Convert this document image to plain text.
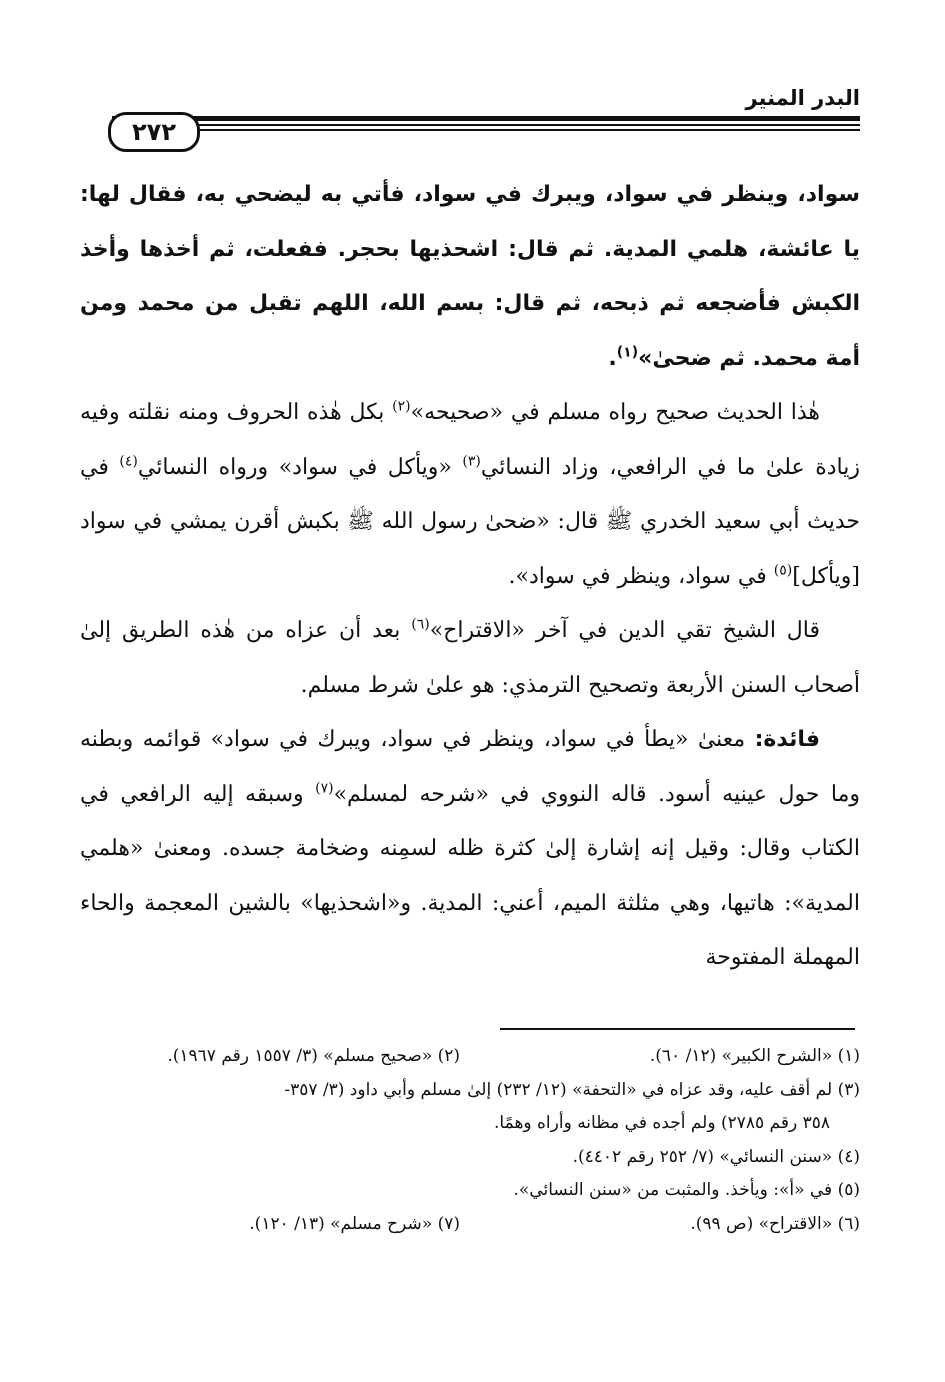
البدر المنير
٢٧٢

سواد، وينظر في سواد، ويبرك في سواد، فأتي به ليضحي به، فقال لها: يا عائشة، هلمي المدية. ثم قال: اشحذيها بحجر. ففعلت، ثم أخذها وأخذ الكبش فأضجعه ثم ذبحه، ثم قال: بسم الله، اللهم تقبل من محمد ومن أمة محمد. ثم ضحىٰ»$^{(١)}$.

هٰذا الحديث صحيح رواه مسلم في «صحيحه»$^{(٢)}$ بكل هٰذه الحروف ومنه نقلته وفيه زيادة علىٰ ما في الرافعي، وزاد النسائي$^{(٣)}$ «ويأكل في سواد» ورواه النسائي$^{(٤)}$ في حديث أبي سعيد الخدري ﷺ قال: «ضحىٰ رسول الله ﷺ بكبش أقرن يمشي في سواد [ويأكل]$^{(٥)}$ في سواد، وينظر في سواد».

قال الشيخ تقي الدين في آخر «الاقتراح»$^{(٦)}$ بعد أن عزاه من هٰذه الطريق إلىٰ أصحاب السنن الأربعة وتصحيح الترمذي: هو علىٰ شرط مسلم.

فائدة: معنىٰ «يطأ في سواد، وينظر في سواد، ويبرك في سواد» قوائمه وبطنه وما حول عينيه أسود. قاله النووي في «شرحه لمسلم»$^{(٧)}$ وسبقه إليه الرافعي في الكتاب وقال: وقيل إنه إشارة إلىٰ كثرة ظله لسمِنه وضخامة جسده. ومعنىٰ «هلمي المدية»: هاتيها، وهي مثلثة الميم، أعني: المدية. و«اشحذيها» بالشين المعجمة والحاء المهملة المفتوحة

(١) «الشرح الكبير» (١٢/ ٦٠).
(٢) «صحيح مسلم» (٣/ ١٥٥٧ رقم ١٩٦٧).
(٣) لم أقف عليه، وقد عزاه في «التحفة» (١٢/ ٢٣٢) إلىٰ مسلم وأبي داود (٣/ ٣٥٧-
٣٥٨ رقم ٢٧٨٥) ولم أجده في مظانه وأراه وهمًا.
(٤) «سنن النسائي» (٧/ ٢٥٢ رقم ٤٤٠٢).
(٥) في «أ»: ويأخذ. والمثبت من «سنن النسائي».
(٦) «الاقتراح» (ص ٩٩).
(٧) «شرح مسلم» (١٣/ ١٢٠).
